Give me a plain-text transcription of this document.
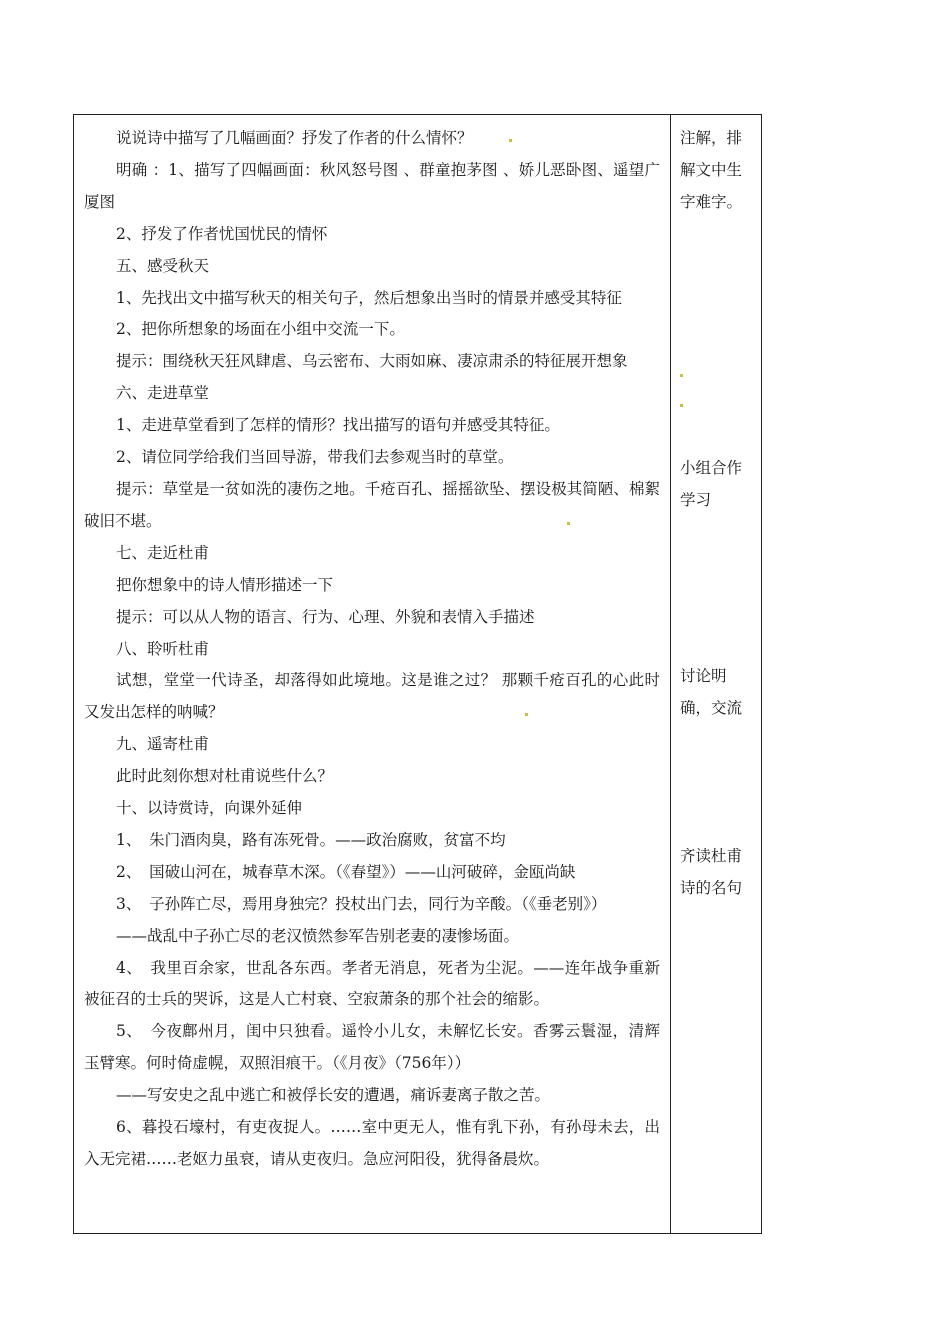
说说诗中描写了几幅画面？抒发了作者的什么情怀？

明确 ：1、描写了四幅画面：秋风怒号图 、群童抱茅图 、娇儿恶卧图、遥望广厦图

2、抒发了作者忧国忧民的情怀

五、感受秋天

1、先找出文中描写秋天的相关句子，然后想象出当时的情景并感受其特征

2、把你所想象的场面在小组中交流一下。

提示：围绕秋天狂风肆虐、乌云密布、大雨如麻、凄凉肃杀的特征展开想象

六、走进草堂

1、走进草堂看到了怎样的情形？找出描写的语句并感受其特征。

2、请位同学给我们当回导游，带我们去参观当时的草堂。

提示：草堂是一贫如洗的凄伤之地。千疮百孔、摇摇欲坠、摆设极其简陋、棉絮破旧不堪。

七、走近杜甫

把你想象中的诗人情形描述一下

提示：可以从人物的语言、行为、心理、外貌和表情入手描述

八、聆听杜甫

试想，堂堂一代诗圣，却落得如此境地。这是谁之过？ 那颗千疮百孔的心此时又发出怎样的呐喊？

九、遥寄杜甫

此时此刻你想对杜甫说些什么？

十、以诗赏诗，向课外延伸

1、　朱门酒肉臭，路有冻死骨。——政治腐败，贫富不均

2、　国破山河在，城春草木深。（《春望》）——山河破碎，金瓯尚缺

3、　子孙阵亡尽，焉用身独完？投杖出门去，同行为辛酸。（《垂老别》）

——战乱中子孙亡尽的老汉愤然参军告别老妻的凄惨场面。

4、　我里百余家，世乱各东西。孝者无消息，死者为尘泥。——连年战争重新被征召的士兵的哭诉，这是人亡村衰、空寂萧条的那个社会的缩影。

5、　今夜鄜州月，闺中只独看。遥怜小儿女，未解忆长安。香雾云鬟湿，清辉玉臂寒。何时倚虚幌，双照泪痕干。（《月夜》（756年））

——写安史之乱中逃亡和被俘长安的遭遇，痛诉妻离子散之苦。

6、暮投石壕村，有吏夜捉人。……室中更无人，惟有乳下孙，有孙母未去，出入无完裙……老妪力虽衰，请从吏夜归。急应河阳役，犹得备晨炊。

注解，排解文中生字难字。

小组合作学习

讨论明确，交流

齐读杜甫诗的名句
